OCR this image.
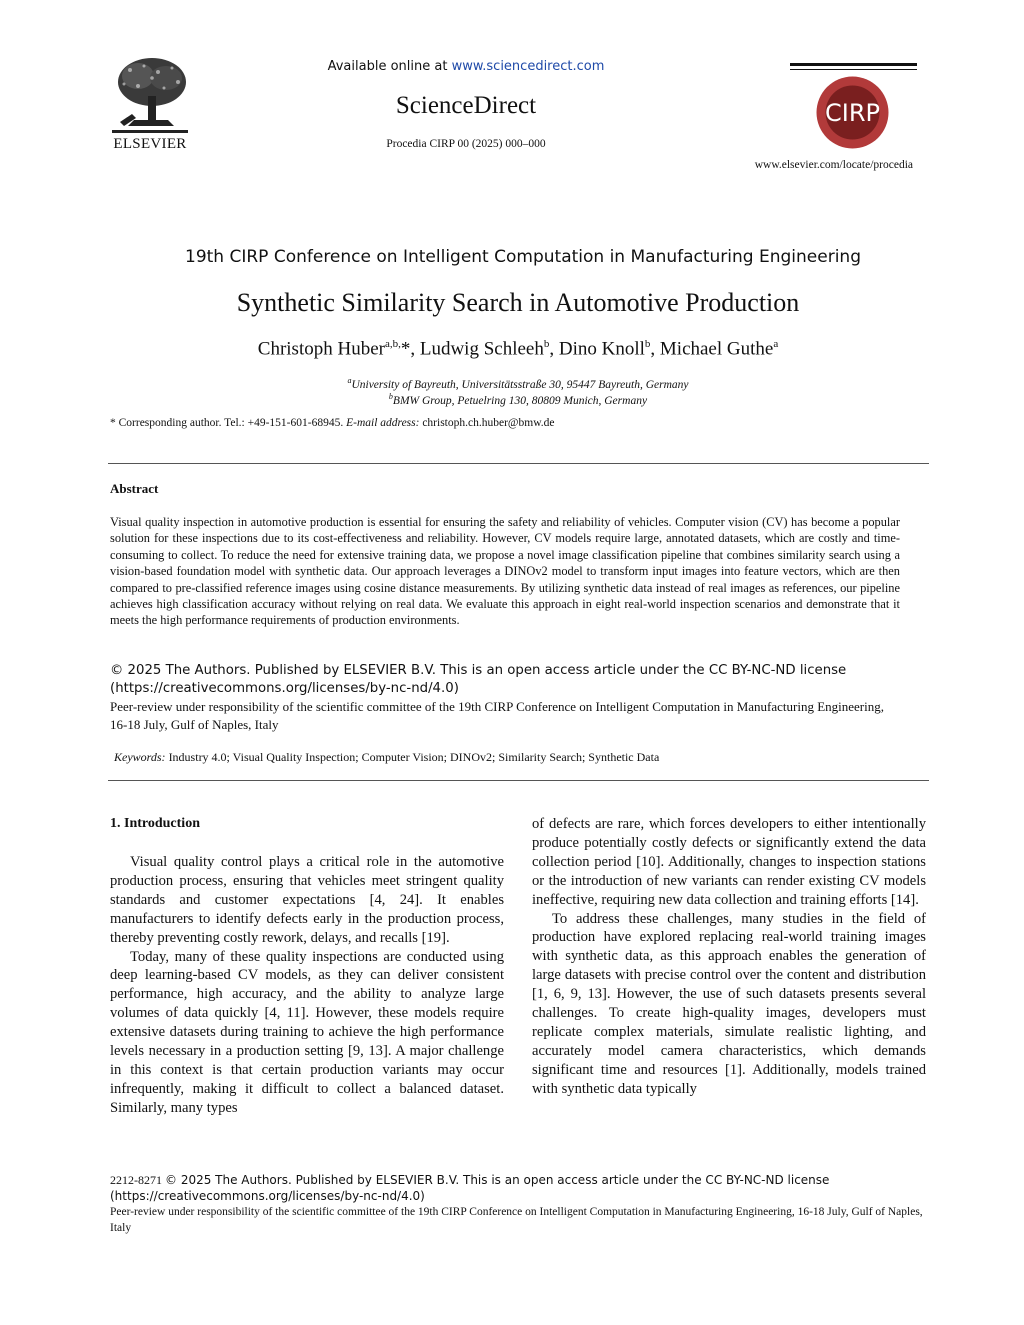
ELSEVIER
Available online at www.sciencedirect.com
ScienceDirect
Procedia CIRP 00 (2025) 000–000
CIRP
www.elsevier.com/locate/procedia
19th CIRP Conference on Intelligent Computation in Manufacturing Engineering
Synthetic Similarity Search in Automotive Production
Christoph Huber$^{a,b,}$*, Ludwig Schleeh$^b$, Dino Knoll$^b$, Michael Guthe$^a$
$^a$University of Bayreuth, Universitätsstraße 30, 95447 Bayreuth, Germany
$^b$BMW Group, Petuelring 130, 80809 Munich, Germany
* Corresponding author. Tel.: +49-151-601-68945. E-mail address: christoph.ch.huber@bmw.de
Abstract
Visual quality inspection in automotive production is essential for ensuring the safety and reliability of vehicles. Computer vision (CV) has become a popular solution for these inspections due to its cost-effectiveness and reliability. However, CV models require large, annotated datasets, which are costly and time-consuming to collect. To reduce the need for extensive training data, we propose a novel image classification pipeline that combines similarity search using a vision-based foundation model with synthetic data. Our approach leverages a DINOv2 model to transform input images into feature vectors, which are then compared to pre-classified reference images using cosine distance measurements. By utilizing synthetic data instead of real images as references, our pipeline achieves high classification accuracy without relying on real data. We evaluate this approach in eight real-world inspection scenarios and demonstrate that it meets the high performance requirements of production environments.
© 2025 The Authors. Published by ELSEVIER B.V. This is an open access article under the CC BY-NC-ND license (https://creativecommons.org/licenses/by-nc-nd/4.0)
Peer-review under responsibility of the scientific committee of the 19th CIRP Conference on Intelligent Computation in Manufacturing Engineering, 16-18 July, Gulf of Naples, Italy
Keywords: Industry 4.0; Visual Quality Inspection; Computer Vision; DINOv2; Similarity Search; Synthetic Data
1. Introduction

Visual quality control plays a critical role in the automotive production process, ensuring that vehicles meet stringent quality standards and customer expectations [4, 24]. It enables manufacturers to identify defects early in the production process, thereby preventing costly rework, delays, and recalls [19].

Today, many of these quality inspections are conducted using deep learning-based CV models, as they can deliver consistent performance, high accuracy, and the ability to analyze large volumes of data quickly [4, 11]. However, these models require extensive datasets during training to achieve the high performance levels necessary in a production setting [9, 13]. A major challenge in this context is that certain production variants may occur infrequently, making it difficult to collect a balanced dataset. Similarly, many types

of defects are rare, which forces developers to either intentionally produce potentially costly defects or significantly extend the data collection period [10]. Additionally, changes to inspection stations or the introduction of new variants can render existing CV models ineffective, requiring new data collection and training efforts [14].

To address these challenges, many studies in the field of production have explored replacing real-world training images with synthetic data, as this approach enables the generation of large datasets with precise control over the content and distribution [1, 6, 9, 13]. However, the use of such datasets presents several challenges. To create high-quality images, developers must replicate complex materials, simulate realistic lighting, and accurately model camera characteristics, which demands significant time and resources [1]. Additionally, models trained with synthetic data typically

2212-8271 © 2025 The Authors. Published by ELSEVIER B.V. This is an open access article under the CC BY-NC-ND license (https://creativecommons.org/licenses/by-nc-nd/4.0)
Peer-review under responsibility of the scientific committee of the 19th CIRP Conference on Intelligent Computation in Manufacturing Engineering, 16-18 July, Gulf of Naples, Italy
